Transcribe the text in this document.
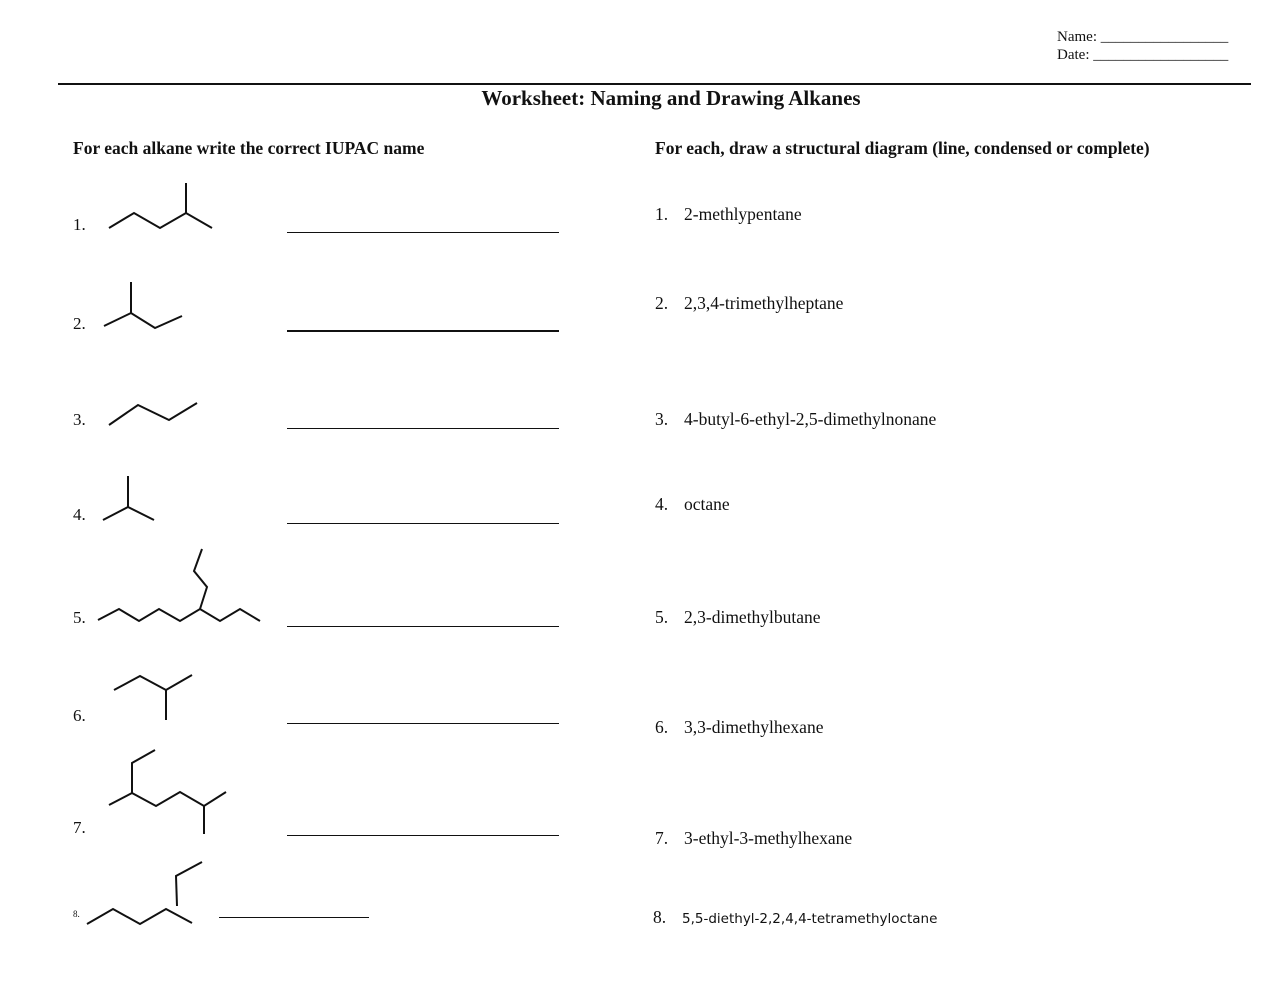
Name: _________________
Date: __________________
Worksheet: Naming and Drawing Alkanes
For each alkane write the correct IUPAC name	For each, draw a structural diagram (line, condensed or complete)
1.
2.
3.
4.
5.
6.
7.
8.
1. 2-methlypentane
2. 2,3,4-trimethylheptane
3. 4-butyl-6-ethyl-2,5-dimethylnonane
4. octane
5. 2,3-dimethylbutane
6. 3,3-dimethylhexane
7. 3-ethyl-3-methylhexane
8. 5,5-diethyl-2,2,4,4-tetramethyloctane
